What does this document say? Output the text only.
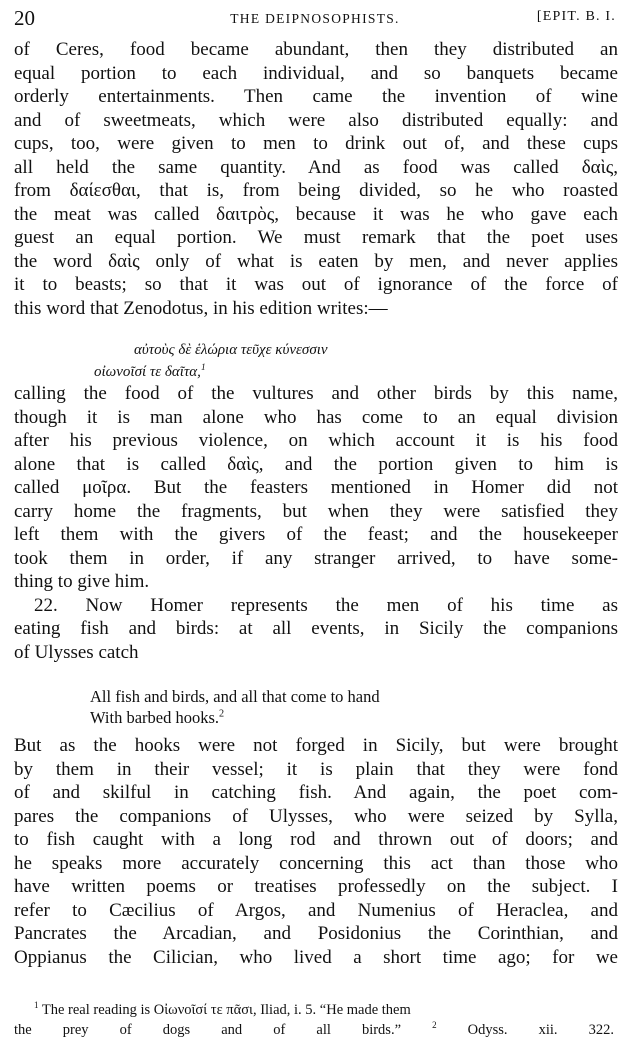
20	THE DEIPNOSOPHISTS.	[EPIT. B. I.
of Ceres, food became abundant, then they distributed an
equal portion to each individual, and so banquets became
orderly entertainments. Then came the invention of wine
and of sweetmeats, which were also distributed equally: and
cups, too, were given to men to drink out of, and these cups
all held the same quantity. And as food was called δαὶς,
from δαίεσθαι, that is, from being divided, so he who roasted
the meat was called δαιτρὸς, because it was he who gave each
guest an equal portion. We must remark that the poet uses
the word δαὶς only of what is eaten by men, and never applies
it to beasts; so that it was out of ignorance of the force of
this word that Zenodotus, in his edition writes:—
αὐτοὺς δὲ ἑλώρια τεῦχε κύνεσσιν
οἰωνοῖσί τε δαῖτα,$^1$
calling the food of the vultures and other birds by this name,
though it is man alone who has come to an equal division
after his previous violence, on which account it is his food
alone that is called δαὶς, and the portion given to him is
called μοῖρα. But the feasters mentioned in Homer did not
carry home the fragments, but when they were satisfied they
left them with the givers of the feast; and the housekeeper
took them in order, if any stranger arrived, to have some-
thing to give him.
22. Now Homer represents the men of his time as
eating fish and birds: at all events, in Sicily the companions
of Ulysses catch
All fish and birds, and all that come to hand
With barbed hooks.$^2$
But as the hooks were not forged in Sicily, but were brought
by them in their vessel; it is plain that they were fond
of and skilful in catching fish. And again, the poet com-
pares the companions of Ulysses, who were seized by Sylla,
to fish caught with a long rod and thrown out of doors; and
he speaks more accurately concerning this act than those who
have written poems or treatises professedly on the subject. I
refer to Cæcilius of Argos, and Numenius of Heraclea, and
Pancrates the Arcadian, and Posidonius the Corinthian, and
Oppianus the Cilician, who lived a short time ago; for we
$^1$ The real reading is Οἰωνοῖσί τε πᾶσι, Iliad, i. 5. “He made them
the prey of dogs and of all birds.”	$^2$ Odyss. xii. 322.
